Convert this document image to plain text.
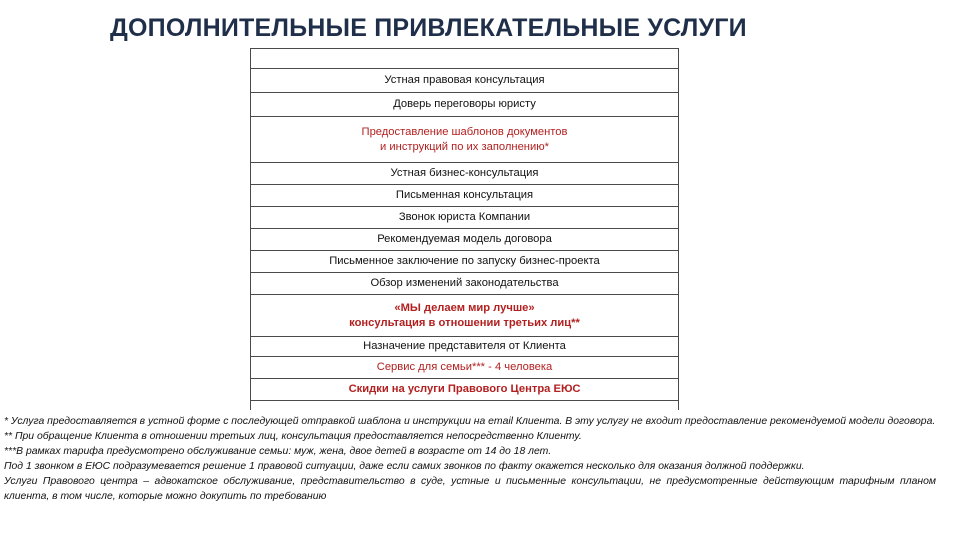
ДОПОЛНИТЕЛЬНЫЕ ПРИВЛЕКАТЕЛЬНЫЕ УСЛУГИ
Устная правовая консультация
Доверь переговоры юристу
Предоставление шаблонов документов
и инструкций по их заполнению*
Устная бизнес-консультация
Письменная консультация
Звонок юриста Компании
Рекомендуемая модель договора
Письменное заключение по запуску бизнес-проекта
Обзор изменений законодательства
«МЫ делаем мир лучше»
консультация в отношении третьих лиц**
Назначение представителя от Клиента
Сервис для семьи*** - 4 человека
Скидки на услуги Правового Центра ЕЮС

* Услуга предоставляется в устной форме с последующей отправкой шаблона и инструкции на email Клиента. В эту услугу не входит предоставление рекомендуемой модели договора.

** При обращение Клиента в отношении третьих лиц, консультация предоставляется непосредственно Клиенту.

***В рамках тарифа предусмотрено обслуживание семьи: муж, жена, двое детей в возрасте от 14 до 18 лет.

Под 1 звонком в ЕЮС подразумевается решение 1 правовой ситуации, даже если самих звонков по факту окажется несколько для оказания должной поддержки.

Услуги Правового центра – адвокатское обслуживание, представительство в суде, устные и письменные консультации, не предусмотренные действующим тарифным планом клиента, в том числе, которые можно докупить по требованию
